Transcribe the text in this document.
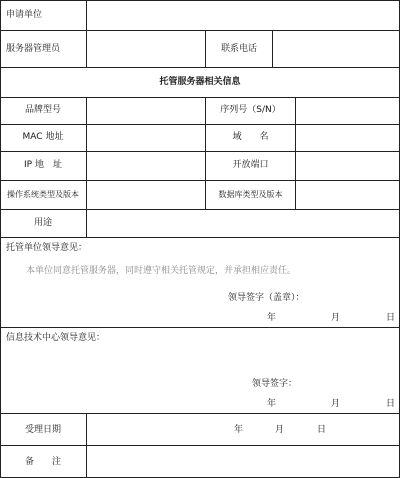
申请单位
服务器管理员	联系电话
托管服务器相关信息
品牌型号	序列号（S/N）
MAC 地址	域　　名
IP 地　址	开放端口
操作系统类型及版本	数据库类型及版本
用途
托管单位领导意见：
本单位同意托管服务器，同时遵守相关托管规定，并承担相应责任。
领导签字（盖章）：
年	月	日
信息技术中心领导意见：
领导签字：
年	月	日
受理日期	年	月	日
备　　注
